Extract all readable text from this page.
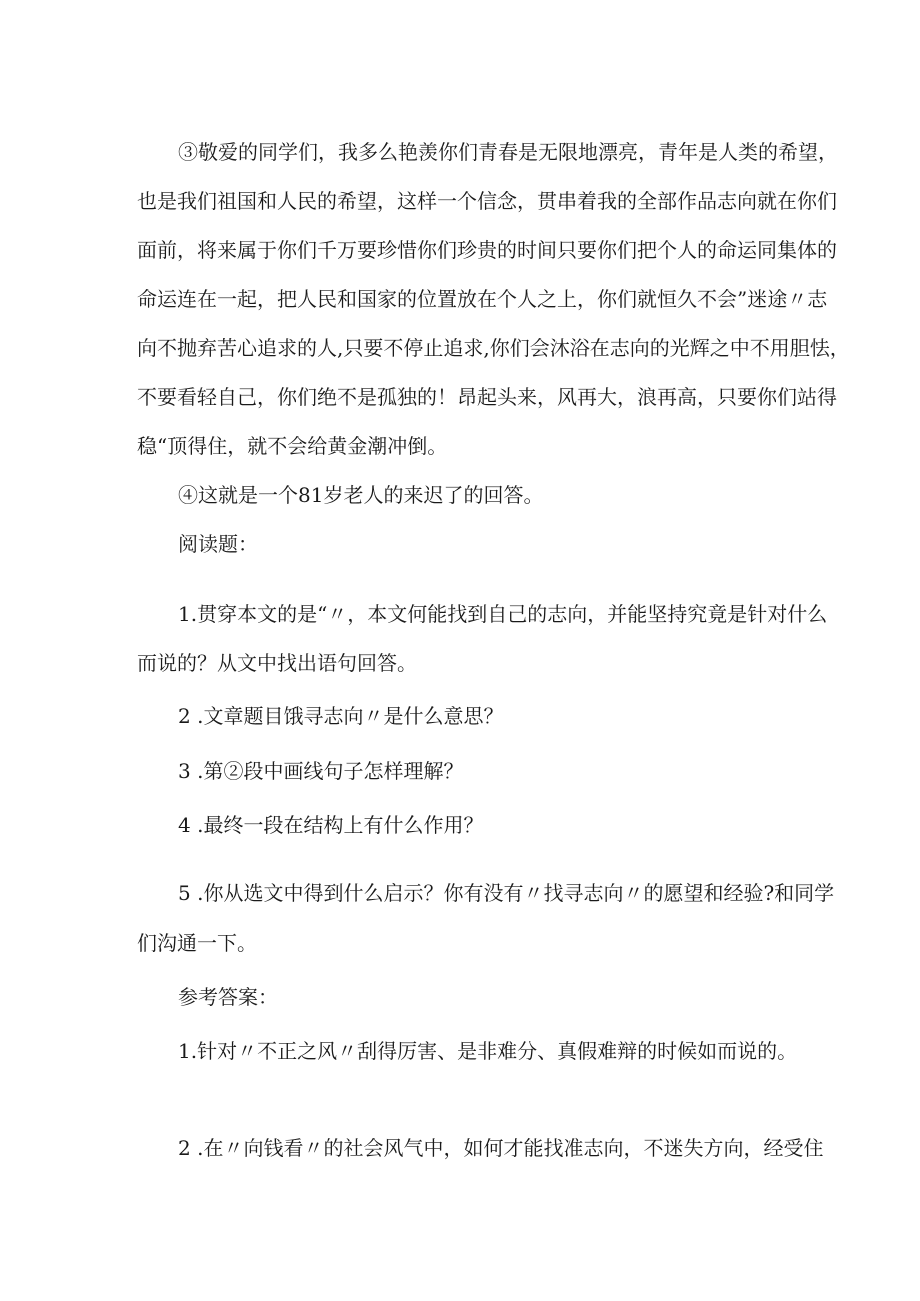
③敬爱的同学们，我多么艳羡你们青春是无限地漂亮，青年是人类的希望，
也是我们祖国和人民的希望，这样一个信念，贯串着我的全部作品志向就在你们
面前，将来属于你们千万要珍惜你们珍贵的时间只要你们把个人的命运同集体的
命运连在一起，把人民和国家的位置放在个人之上，你们就恒久不会”迷途〃志
向不抛弃苦心追求的人,只要不停止追求,你们会沐浴在志向的光辉之中不用胆怯，
不要看轻自己，你们绝不是孤独的！昂起头来，风再大，浪再高，只要你们站得
稳“顶得住，就不会给黄金潮冲倒。
④这就是一个81岁老人的来迟了的回答。
阅读题：
1.贯穿本文的是“〃，本文何能找到自己的志向，并能坚持究竟是针对什么
而说的？从文中找出语句回答。
2 .文章题目饿寻志向〃是什么意思？
3 .第②段中画线句子怎样理解？
4 .最终一段在结构上有什么作用？
5 .你从选文中得到什么启示？你有没有〃找寻志向〃的愿望和经验?和同学
们沟通一下。
参考答案：
1.针对〃不正之风〃刮得厉害、是非难分、真假难辩的时候如而说的。
2 .在〃向钱看〃的社会风气中，如何才能找准志向，不迷失方向，经受住
